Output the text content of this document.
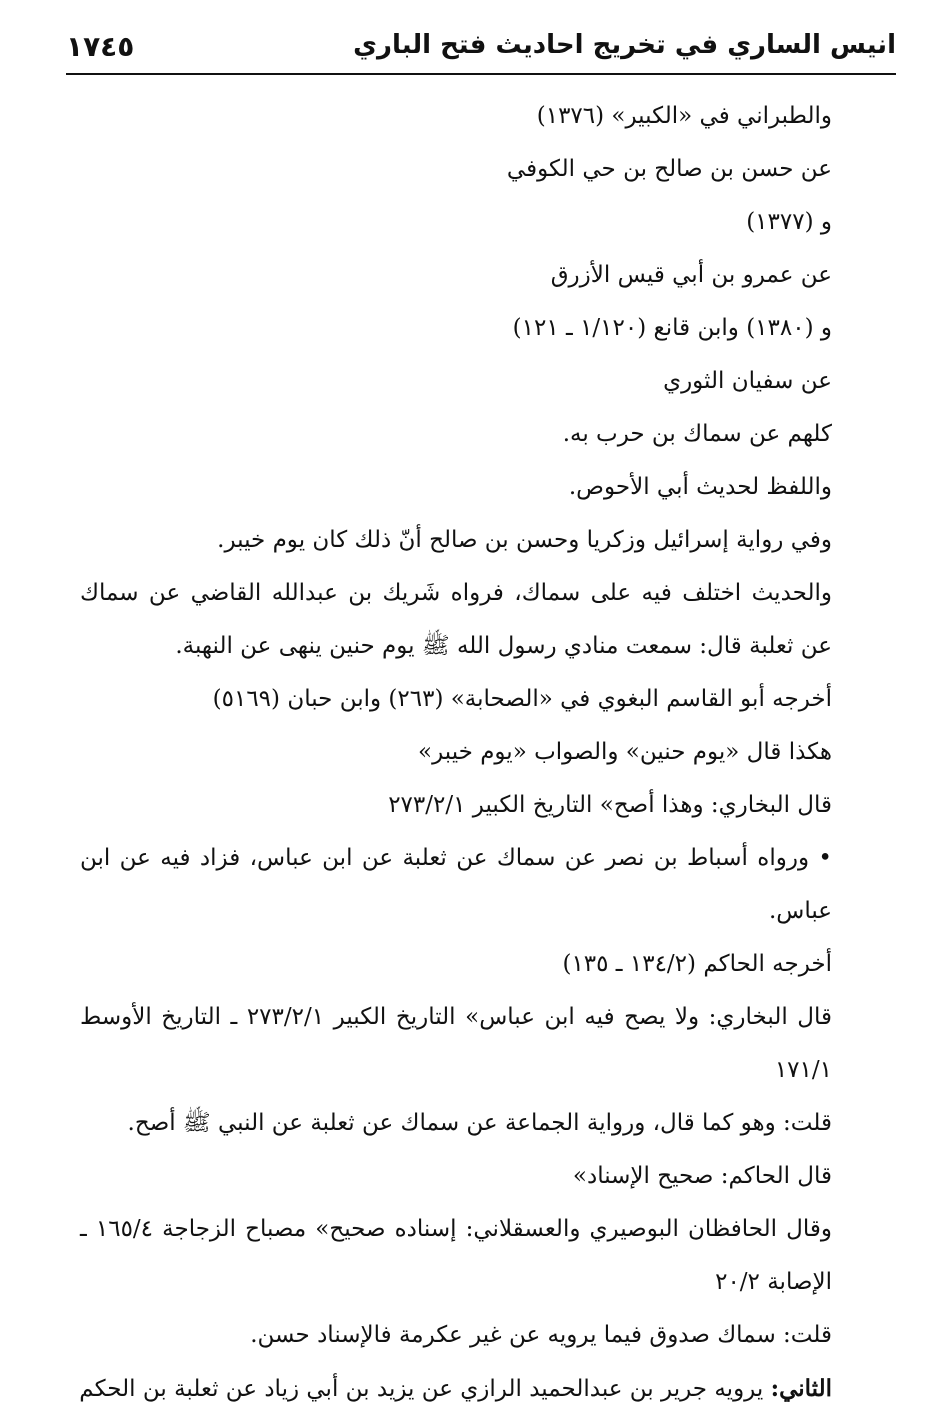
انيس الساري في تخريج احاديث فتح الباري
١٧٤٥
والطبراني في «الكبير» (١٣٧٦)
عن حسن بن صالح بن حي الكوفي
و (١٣٧٧)
عن عمرو بن أبي قيس الأزرق
و (١٣٨٠) وابن قانع (١/١٢٠ ـ ١٢١)
عن سفيان الثوري
كلهم عن سماك بن حرب به.
واللفظ لحديث أبي الأحوص.
وفي رواية إسرائيل وزكريا وحسن بن صالح أنّ ذلك كان يوم خيبر.
والحديث اختلف فيه على سماك، فرواه شَريك بن عبدالله القاضي عن سماك عن ثعلبة قال: سمعت منادي رسول الله ﷺ يوم حنين ينهى عن النهبة.
أخرجه أبو القاسم البغوي في «الصحابة» (٢٦٣) وابن حبان (٥١٦٩)
هكذا قال «يوم حنين» والصواب «يوم خيبر»
قال البخاري: وهذا أصح» التاريخ الكبير ٢٧٣/٢/١
• ورواه أسباط بن نصر عن سماك عن ثعلبة عن ابن عباس، فزاد فيه عن ابن عباس.
أخرجه الحاكم (١٣٤/٢ ـ ١٣٥)
قال البخاري: ولا يصح فيه ابن عباس» التاريخ الكبير ٢٧٣/٢/١ ـ التاريخ الأوسط ١٧١/١
قلت: وهو كما قال، ورواية الجماعة عن سماك عن ثعلبة عن النبي ﷺ أصح.
قال الحاكم: صحيح الإسناد»
وقال الحافظان البوصيري والعسقلاني: إسناده صحيح» مصباح الزجاجة ١٦٥/٤ ـ الإصابة ٢٠/٢
قلت: سماك صدوق فيما يرويه عن غير عكرمة فالإسناد حسن.
الثاني: يرويه جرير بن عبدالحميد الرازي عن يزيد بن أبي زياد عن ثعلبة بن الحكم
